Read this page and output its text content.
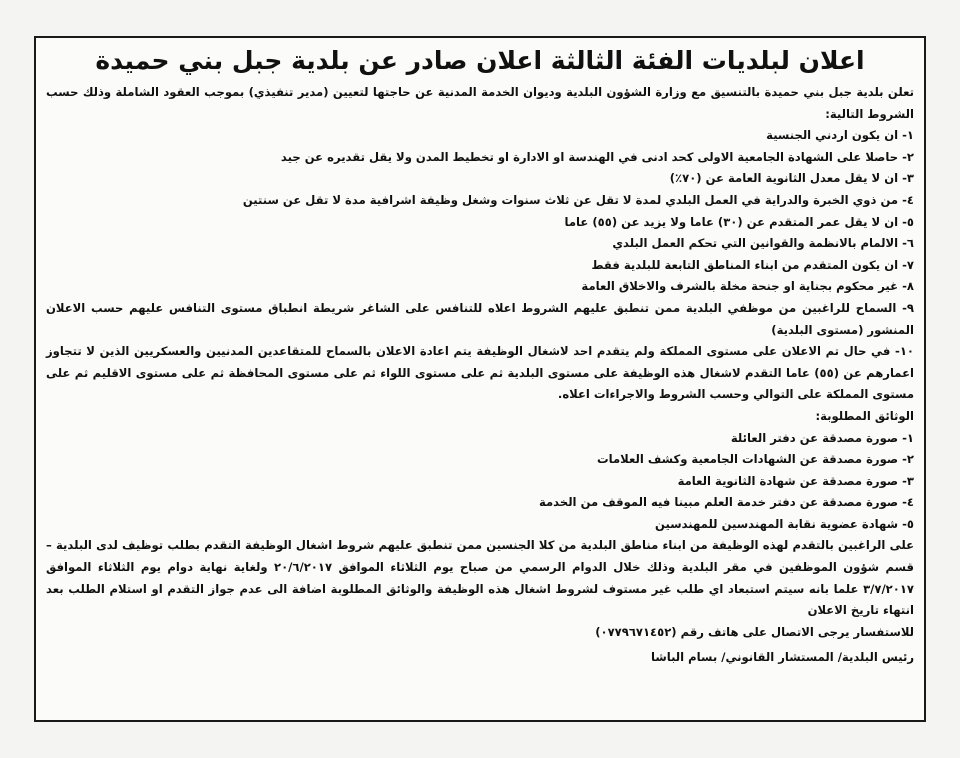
اعلان لبلديات الفئة الثالثة اعلان صادر عن بلدية جبل بني حميدة
تعلن بلدية جبل بني حميدة بالتنسيق مع وزارة الشؤون البلدية وديوان الخدمة المدنية عن حاجتها لتعيين (مدير تنفيذي) بموجب العقود الشاملة وذلك حسب الشروط التالية:
١- ان يكون اردني الجنسية
٢- حاصلا على الشهادة الجامعية الاولى كحد ادنى في الهندسة او الادارة او تخطيط المدن ولا يقل تقديره عن جيد
٣- ان لا يقل معدل الثانوية العامة عن (٧٠٪)
٤- من ذوي الخبرة والدراية في العمل البلدي لمدة لا تقل عن ثلاث سنوات وشغل وظيفة اشرافية مدة لا تقل عن سنتين
٥- ان لا يقل عمر المتقدم عن (٣٠) عاما ولا يزيد عن (٥٥) عاما
٦- الالمام بالانظمة والقوانين التي تحكم العمل البلدي
٧- ان يكون المتقدم من ابناء المناطق التابعة للبلدية فقط
٨- غير محكوم بجناية او جنحة مخلة بالشرف والاخلاق العامة
٩- السماح للراغبين من موظفي البلدية ممن تنطبق عليهم الشروط اعلاه للتنافس على الشاغر شريطة انطباق مستوى التنافس عليهم حسب الاعلان المنشور (مستوى البلدية)
١٠- في حال تم الاعلان على مستوى المملكة ولم يتقدم احد لاشغال الوظيفة يتم اعادة الاعلان بالسماح للمتقاعدين المدنيين والعسكريين الذين لا تتجاوز اعمارهم عن (٥٥) عاما التقدم لاشغال هذه الوظيفة على مستوى البلدية ثم على مستوى اللواء ثم على مستوى المحافظة ثم على مستوى الاقليم ثم على مستوى المملكة على التوالي وحسب الشروط والاجراءات اعلاه.
الوثائق المطلوبة:
١- صورة مصدقة عن دفتر العائلة
٢- صورة مصدقة عن الشهادات الجامعية وكشف العلامات
٣- صورة مصدقة عن شهادة الثانوية العامة
٤- صورة مصدقة عن دفتر خدمة العلم مبينا فيه الموقف من الخدمة
٥- شهادة عضوية نقابة المهندسين للمهندسين
على الراغبين بالتقدم لهذه الوظيفة من ابناء مناطق البلدية من كلا الجنسين ممن تنطبق عليهم شروط اشغال الوظيفة التقدم بطلب توظيف لدى البلدية – قسم شؤون الموظفين في مقر البلدية وذلك خلال الدوام الرسمي من صباح يوم الثلاثاء الموافق ٢٠/٦/٢٠١٧ ولغاية نهاية دوام يوم الثلاثاء الموافق ٣/٧/٢٠١٧ علما بانه سيتم استبعاد اي طلب غير مستوف لشروط اشغال هذه الوظيفة والوثائق المطلوبة اضافة الى عدم جواز التقدم او استلام الطلب بعد انتهاء تاريخ الاعلان
للاستفسار يرجى الاتصال على هاتف رقم (٠٧٧٩٦٧١٤٥٢)
رئيس البلدية/ المستشار القانوني/ بسام الباشا
